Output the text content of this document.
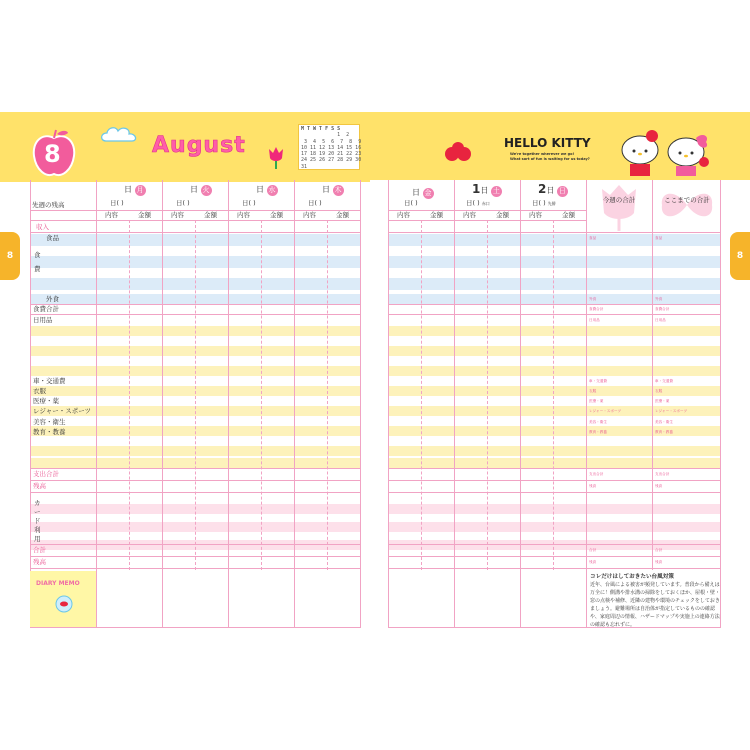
8	August
M T W T F S S
1  2
3  4  5  6  7  8  9
10 11 12 13 14 15 16
17 18 19 20 21 22 23
24 25 26 27 28 29 30
31
HELLO KITTY
We're together wherever we go!
What sort of fun is waiting for us today?
8	8
日 月	日 火	日 水	日 木
日( )	日( )	日( )	日( )
内容	金額	内容	金額	内容	金額	内容	金額
先週の残高
収入
食品
食費
外食
食費合計
日用品
車・交通費
衣服
医療・薬
レジャー・スポーツ
美容・衛生
教育・教養
支出合計
残高
カード利用
合計
残高
DIARY MEMO
日 金	1日 土	2日 日
日( )	日( ) 赤口	日( ) 先勝
内容	金額	内容	金額	内容	金額
今週の合計	ここまでの合計
食品
外食
食費合計
日用品
車・交通費
衣服
医療・薬
レジャー・スポーツ
美容・衛生
教育・教養
支出合計
残高
合計
残高
食品
外食
食費合計
日用品
車・交通費
衣服
医療・薬
レジャー・スポーツ
美容・衛生
教育・教養
支出合計
残高
合計
残高
コレだけはしておきたい台風対策
近年、台風による被害が頻発しています。普段から備えは万全に！側溝や排水溝の掃除をしておくほか、屋根・壁・窓の点検や補修、近隣の建物や環境のチェックをしておきましょう。避難場所は自治体が指定しているものの確認や、家庭周辺の情報、ハザードマップや実施上の連絡方法の確認も忘れずに。
